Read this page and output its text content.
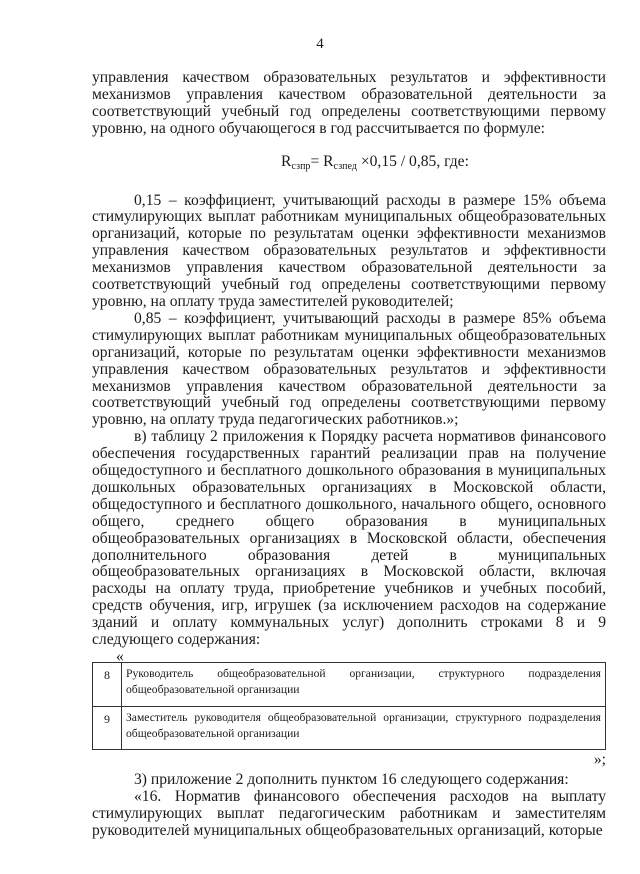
4

управления качеством образовательных результатов и эффективности механизмов управления качеством образовательной деятельности за соответствующий учебный год определены соответствующими первому уровню, на одного обучающегося в год рассчитывается по формуле:

$R_{сзпр}= R_{сзпед} \times 0,15 / 0,85$, где:

0,15 – коэффициент, учитывающий расходы в размере 15% объема стимулирующих выплат работникам муниципальных общеобразовательных организаций, которые по результатам оценки эффективности механизмов управления качеством образовательных результатов и эффективности механизмов управления качеством образовательной деятельности за соответствующий учебный год определены соответствующими первому уровню, на оплату труда заместителей руководителей;

0,85 – коэффициент, учитывающий расходы в размере 85% объема стимулирующих выплат работникам муниципальных общеобразовательных организаций, которые по результатам оценки эффективности механизмов управления качеством образовательных результатов и эффективности механизмов управления качеством образовательной деятельности за соответствующий учебный год определены соответствующими первому уровню, на оплату труда педагогических работников.»;

в) таблицу 2 приложения к Порядку расчета нормативов финансового обеспечения государственных гарантий реализации прав на получение общедоступного и бесплатного дошкольного образования в муниципальных дошкольных образовательных организациях в Московской области, общедоступного и бесплатного дошкольного, начального общего, основного общего, среднего общего образования в муниципальных общеобразовательных организациях в Московской области, обеспечения дополнительного образования детей в муниципальных общеобразовательных организациях в Московской области, включая расходы на оплату труда, приобретение учебников и учебных пособий, средств обучения, игр, игрушек (за исключением расходов на содержание зданий и оплату коммунальных услуг) дополнить строками 8 и 9 следующего содержания:

«
8	Руководитель общеобразовательной организации, структурного подразделения общеобразовательной организации
9	Заместитель руководителя общеобразовательной организации, структурного подразделения общеобразовательной организации
»;

3) приложение 2 дополнить пунктом 16 следующего содержания:

«16. Норматив финансового обеспечения расходов на выплату стимулирующих выплат педагогическим работникам и заместителям руководителей муниципальных общеобразовательных организаций, которые
